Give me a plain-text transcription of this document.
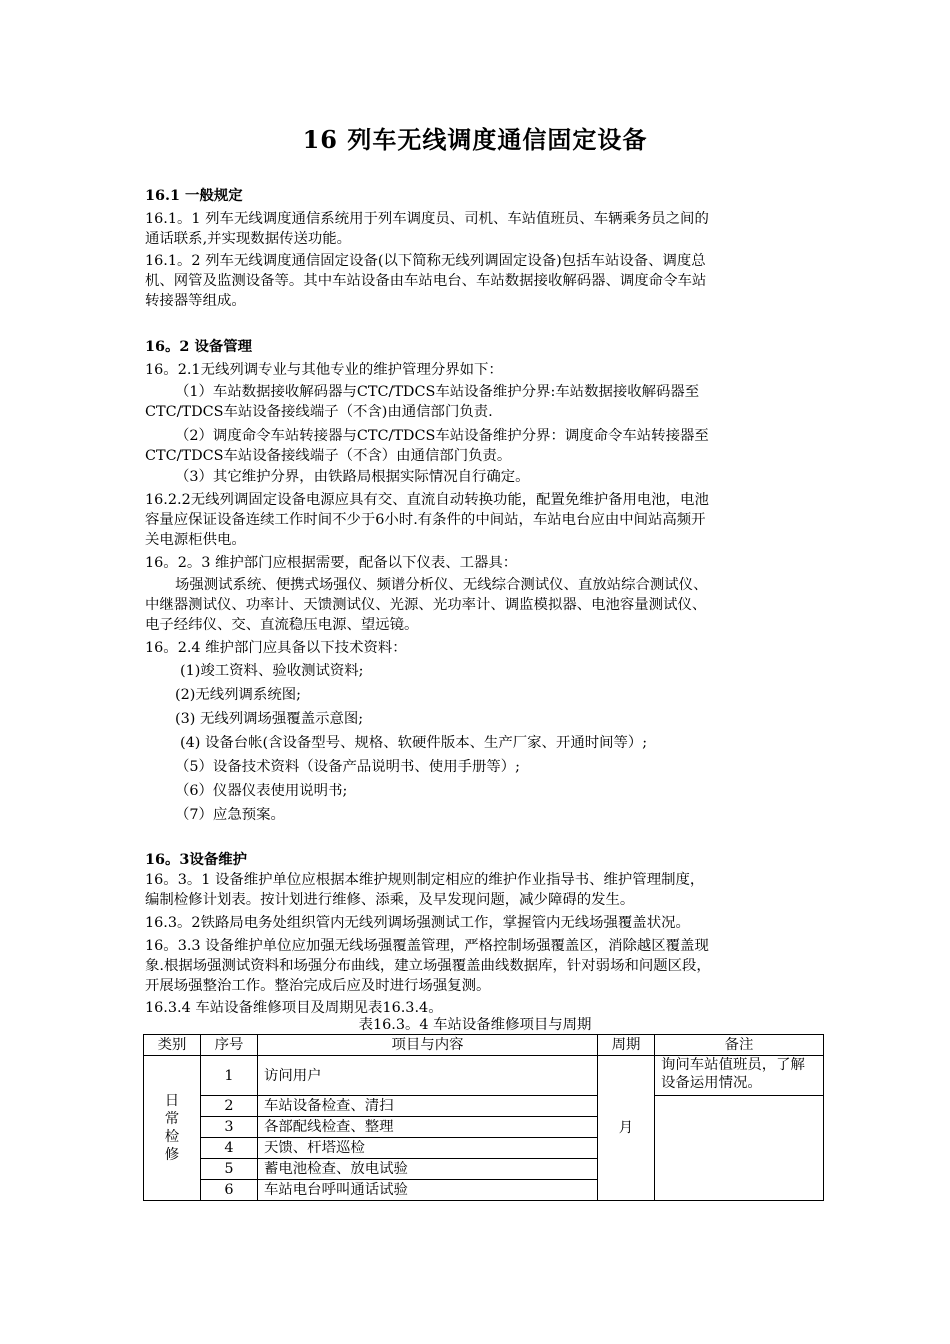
16 列车无线调度通信固定设备
16.1 一般规定
16.1。1 列车无线调度通信系统用于列车调度员、司机、车站值班员、车辆乘务员之间的
通话联系,并实现数据传送功能。
16.1。2 列车无线调度通信固定设备(以下简称无线列调固定设备)包括车站设备、调度总
机、网管及监测设备等。其中车站设备由车站电台、车站数据接收解码器、调度命令车站
转接器等组成。
16。2 设备管理
16。2.1无线列调专业与其他专业的维护管理分界如下：
（1）车站数据接收解码器与CTC/TDCS车站设备维护分界:车站数据接收解码器至
CTC/TDCS车站设备接线端子（不含)由通信部门负责.
（2）调度命令车站转接器与CTC/TDCS车站设备维护分界：调度命令车站转接器至
CTC/TDCS车站设备接线端子（不含）由通信部门负责。
（3）其它维护分界，由铁路局根据实际情况自行确定。
16.2.2无线列调固定设备电源应具有交、直流自动转换功能，配置免维护备用电池，电池
容量应保证设备连续工作时间不少于6小时.有条件的中间站，车站电台应由中间站高频开
关电源柜供电。
16。2。3 维护部门应根据需要，配备以下仪表、工器具：
场强测试系统、便携式场强仪、频谱分析仪、无线综合测试仪、直放站综合测试仪、
中继器测试仪、功率计、天馈测试仪、光源、光功率计、调监模拟器、电池容量测试仪、
电子经纬仪、交、直流稳压电源、望远镜。
16。2.4 维护部门应具备以下技术资料：
(1)竣工资料、验收测试资料;
(2)无线列调系统图;
(3) 无线列调场强覆盖示意图;
(4) 设备台帐(含设备型号、规格、软硬件版本、生产厂家、开通时间等）;
（5）设备技术资料（设备产品说明书、使用手册等）;
（6）仪器仪表使用说明书;
（7）应急预案。
16。3设备维护
16。3。1 设备维护单位应根据本维护规则制定相应的维护作业指导书、维护管理制度，
编制检修计划表。按计划进行维修、添乘，及早发现问题，减少障碍的发生。
16.3。2铁路局电务处组织管内无线列调场强测试工作，掌握管内无线场强覆盖状况。
16。3.3 设备维护单位应加强无线场强覆盖管理，严格控制场强覆盖区，消除越区覆盖现
象.根据场强测试资料和场强分布曲线，建立场强覆盖曲线数据库，针对弱场和问题区段，
开展场强整治工作。整治完成后应及时进行场强复测。
16.3.4 车站设备维修项目及周期见表16.3.4。
表16.3。4 车站设备维修项目与周期
类别	序号	项目与内容	周期	备注

日常检修	1	访问用户	月	询问车站值班员，了解设备运用情况。
	2	车站设备检查、清扫		
	3	各部配线检查、整理		
	4	天馈、杆塔巡检		
	5	蓄电池检查、放电试验		
	6	车站电台呼叫通话试验		
